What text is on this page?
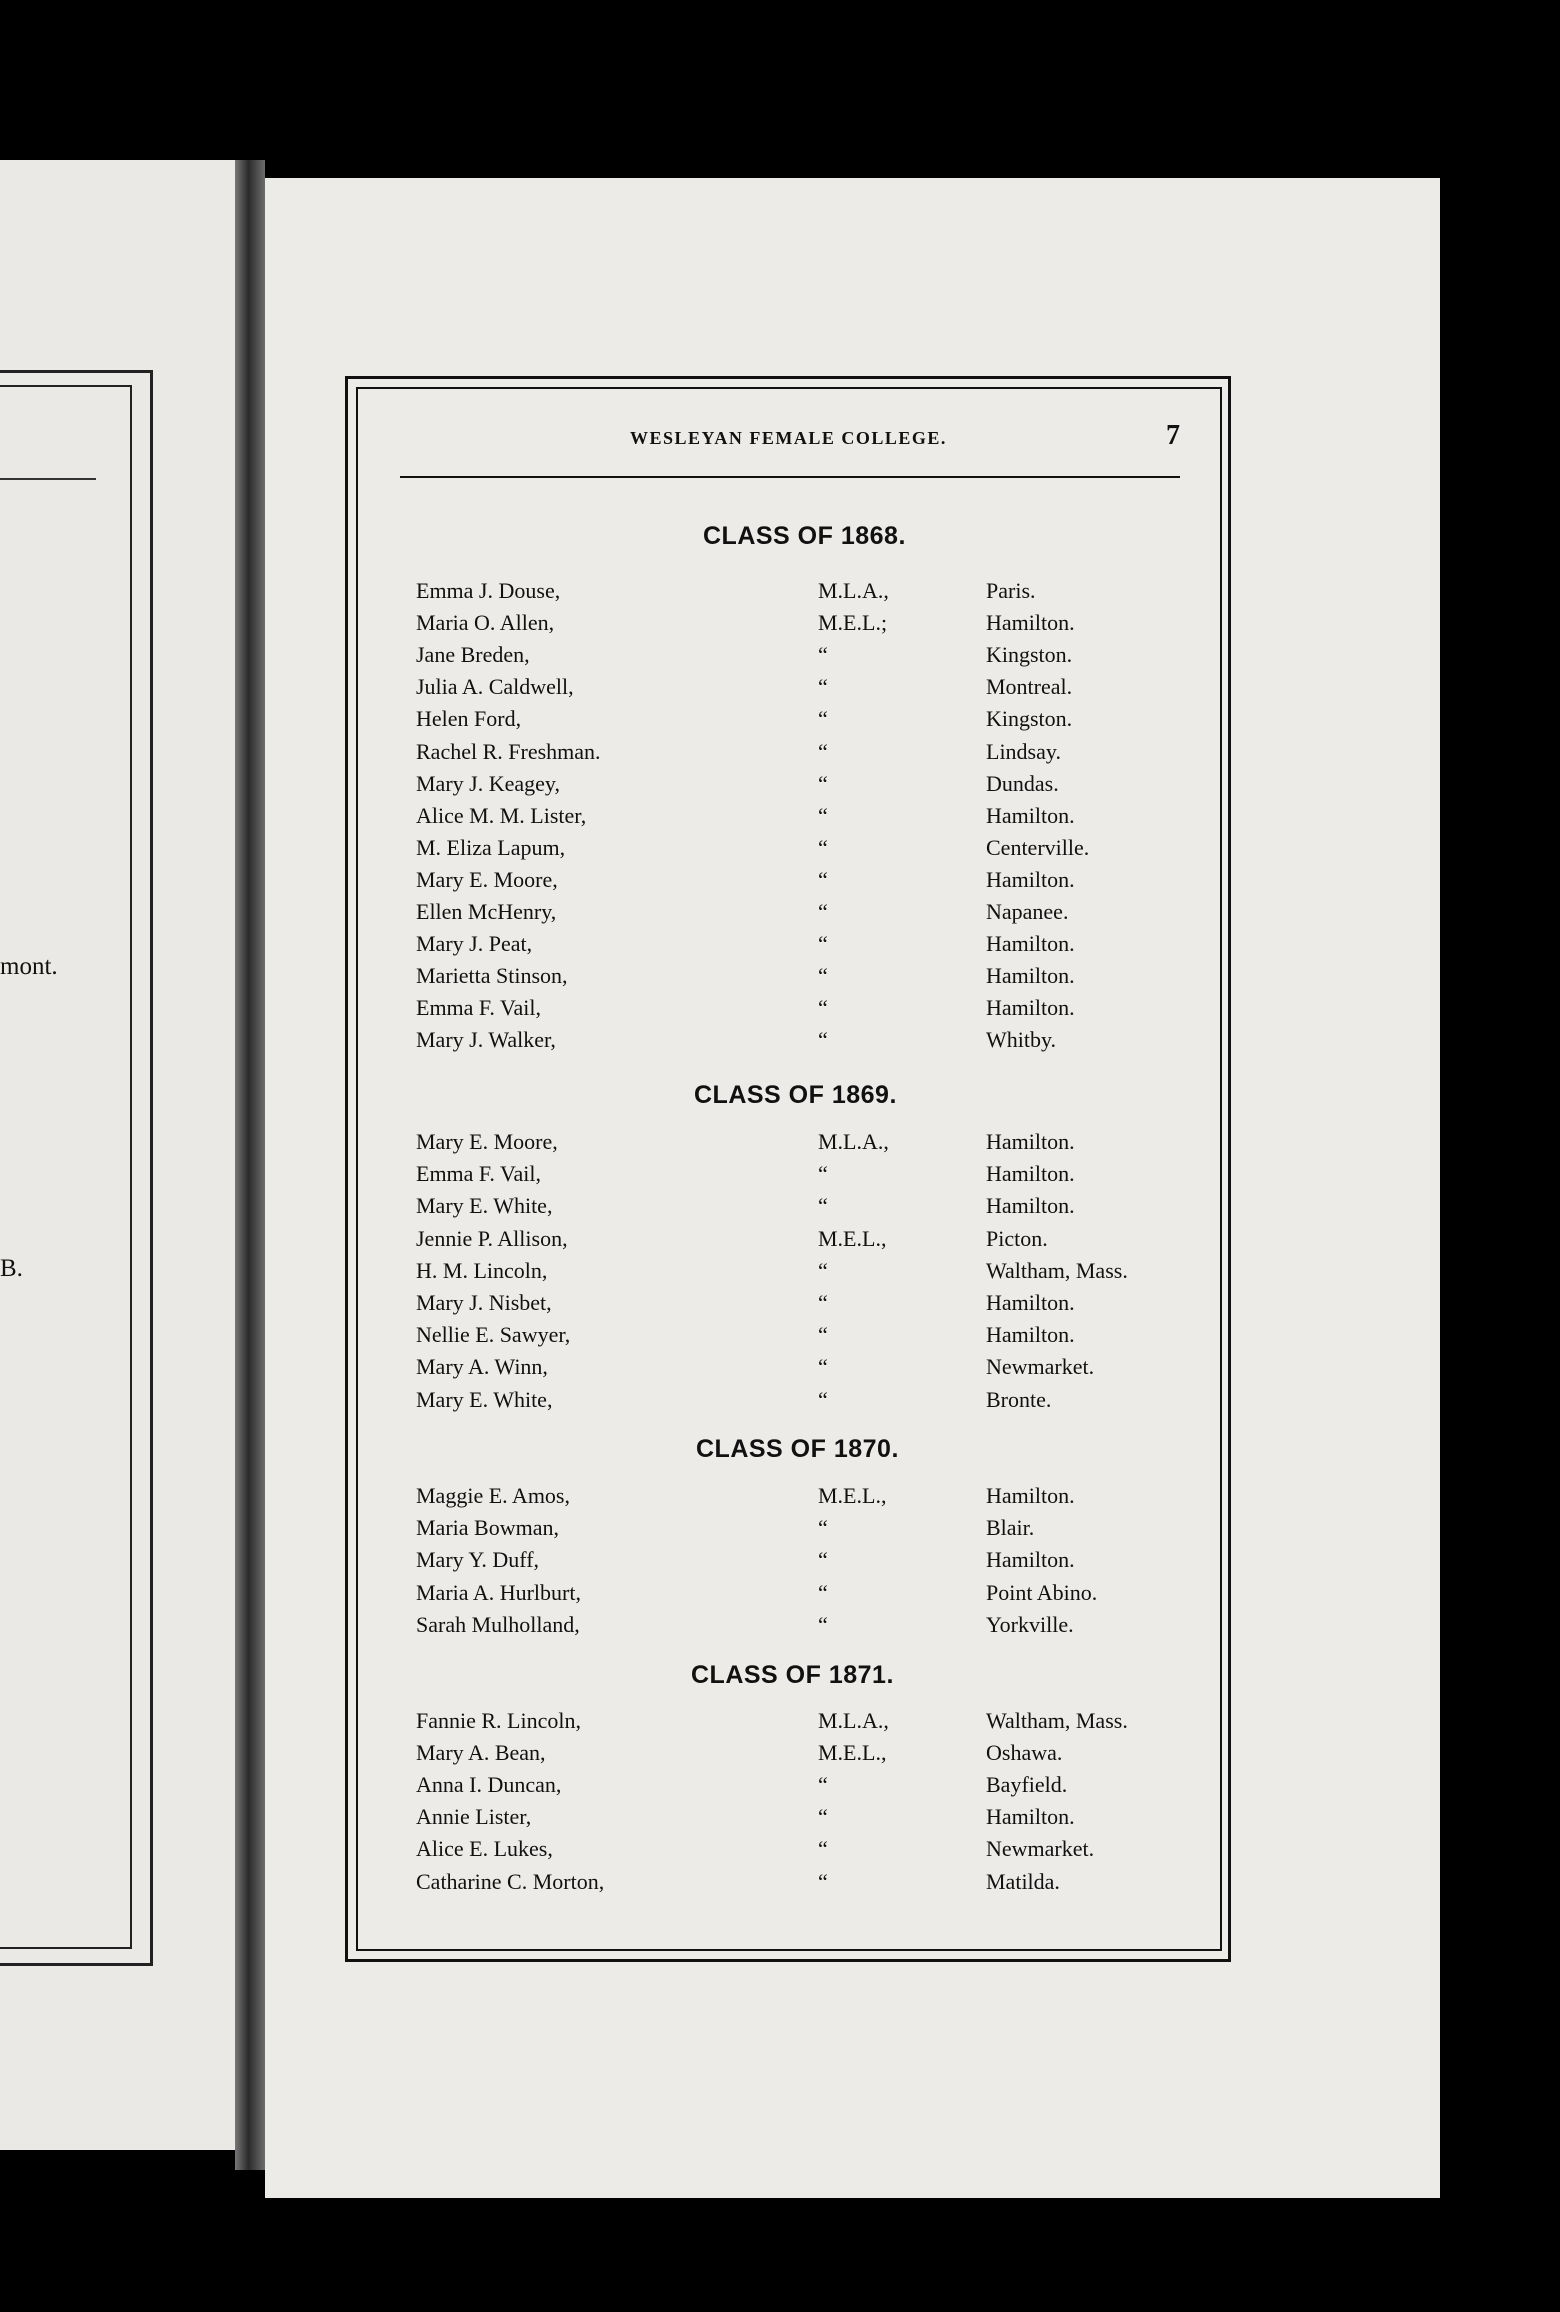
mont.
B.
WESLEYAN FEMALE COLLEGE.	7
CLASS OF 1868.
Emma J. Douse,	M.L.A.,	Paris.
Maria O. Allen,	M.E.L.;	Hamilton.
Jane Breden,	“	Kingston.
Julia A. Caldwell,	“	Montreal.
Helen Ford,	“	Kingston.
Rachel R. Freshman.	“	Lindsay.
Mary J. Keagey,	“	Dundas.
Alice M. M. Lister,	“	Hamilton.
M. Eliza Lapum,	“	Centerville.
Mary E. Moore,	“	Hamilton.
Ellen McHenry,	“	Napanee.
Mary J. Peat,	“	Hamilton.
Marietta Stinson,	“	Hamilton.
Emma F. Vail,	“	Hamilton.
Mary J. Walker,	“	Whitby.
CLASS OF 1869.
Mary E. Moore,	M.L.A.,	Hamilton.
Emma F. Vail,	“	Hamilton.
Mary E. White,	“	Hamilton.
Jennie P. Allison,	M.E.L.,	Picton.
H. M. Lincoln,	“	Waltham, Mass.
Mary J. Nisbet,	“	Hamilton.
Nellie E. Sawyer,	“	Hamilton.
Mary A. Winn,	“	Newmarket.
Mary E. White,	“	Bronte.
CLASS OF 1870.
Maggie E. Amos,	M.E.L.,	Hamilton.
Maria Bowman,	“	Blair.
Mary Y. Duff,	“	Hamilton.
Maria A. Hurlburt,	“	Point Abino.
Sarah Mulholland,	“	Yorkville.
CLASS OF 1871.
Fannie R. Lincoln,	M.L.A.,	Waltham, Mass.
Mary A. Bean,	M.E.L.,	Oshawa.
Anna I. Duncan,	“	Bayfield.
Annie Lister,	“	Hamilton.
Alice E. Lukes,	“	Newmarket.
Catharine C. Morton,	“	Matilda.
